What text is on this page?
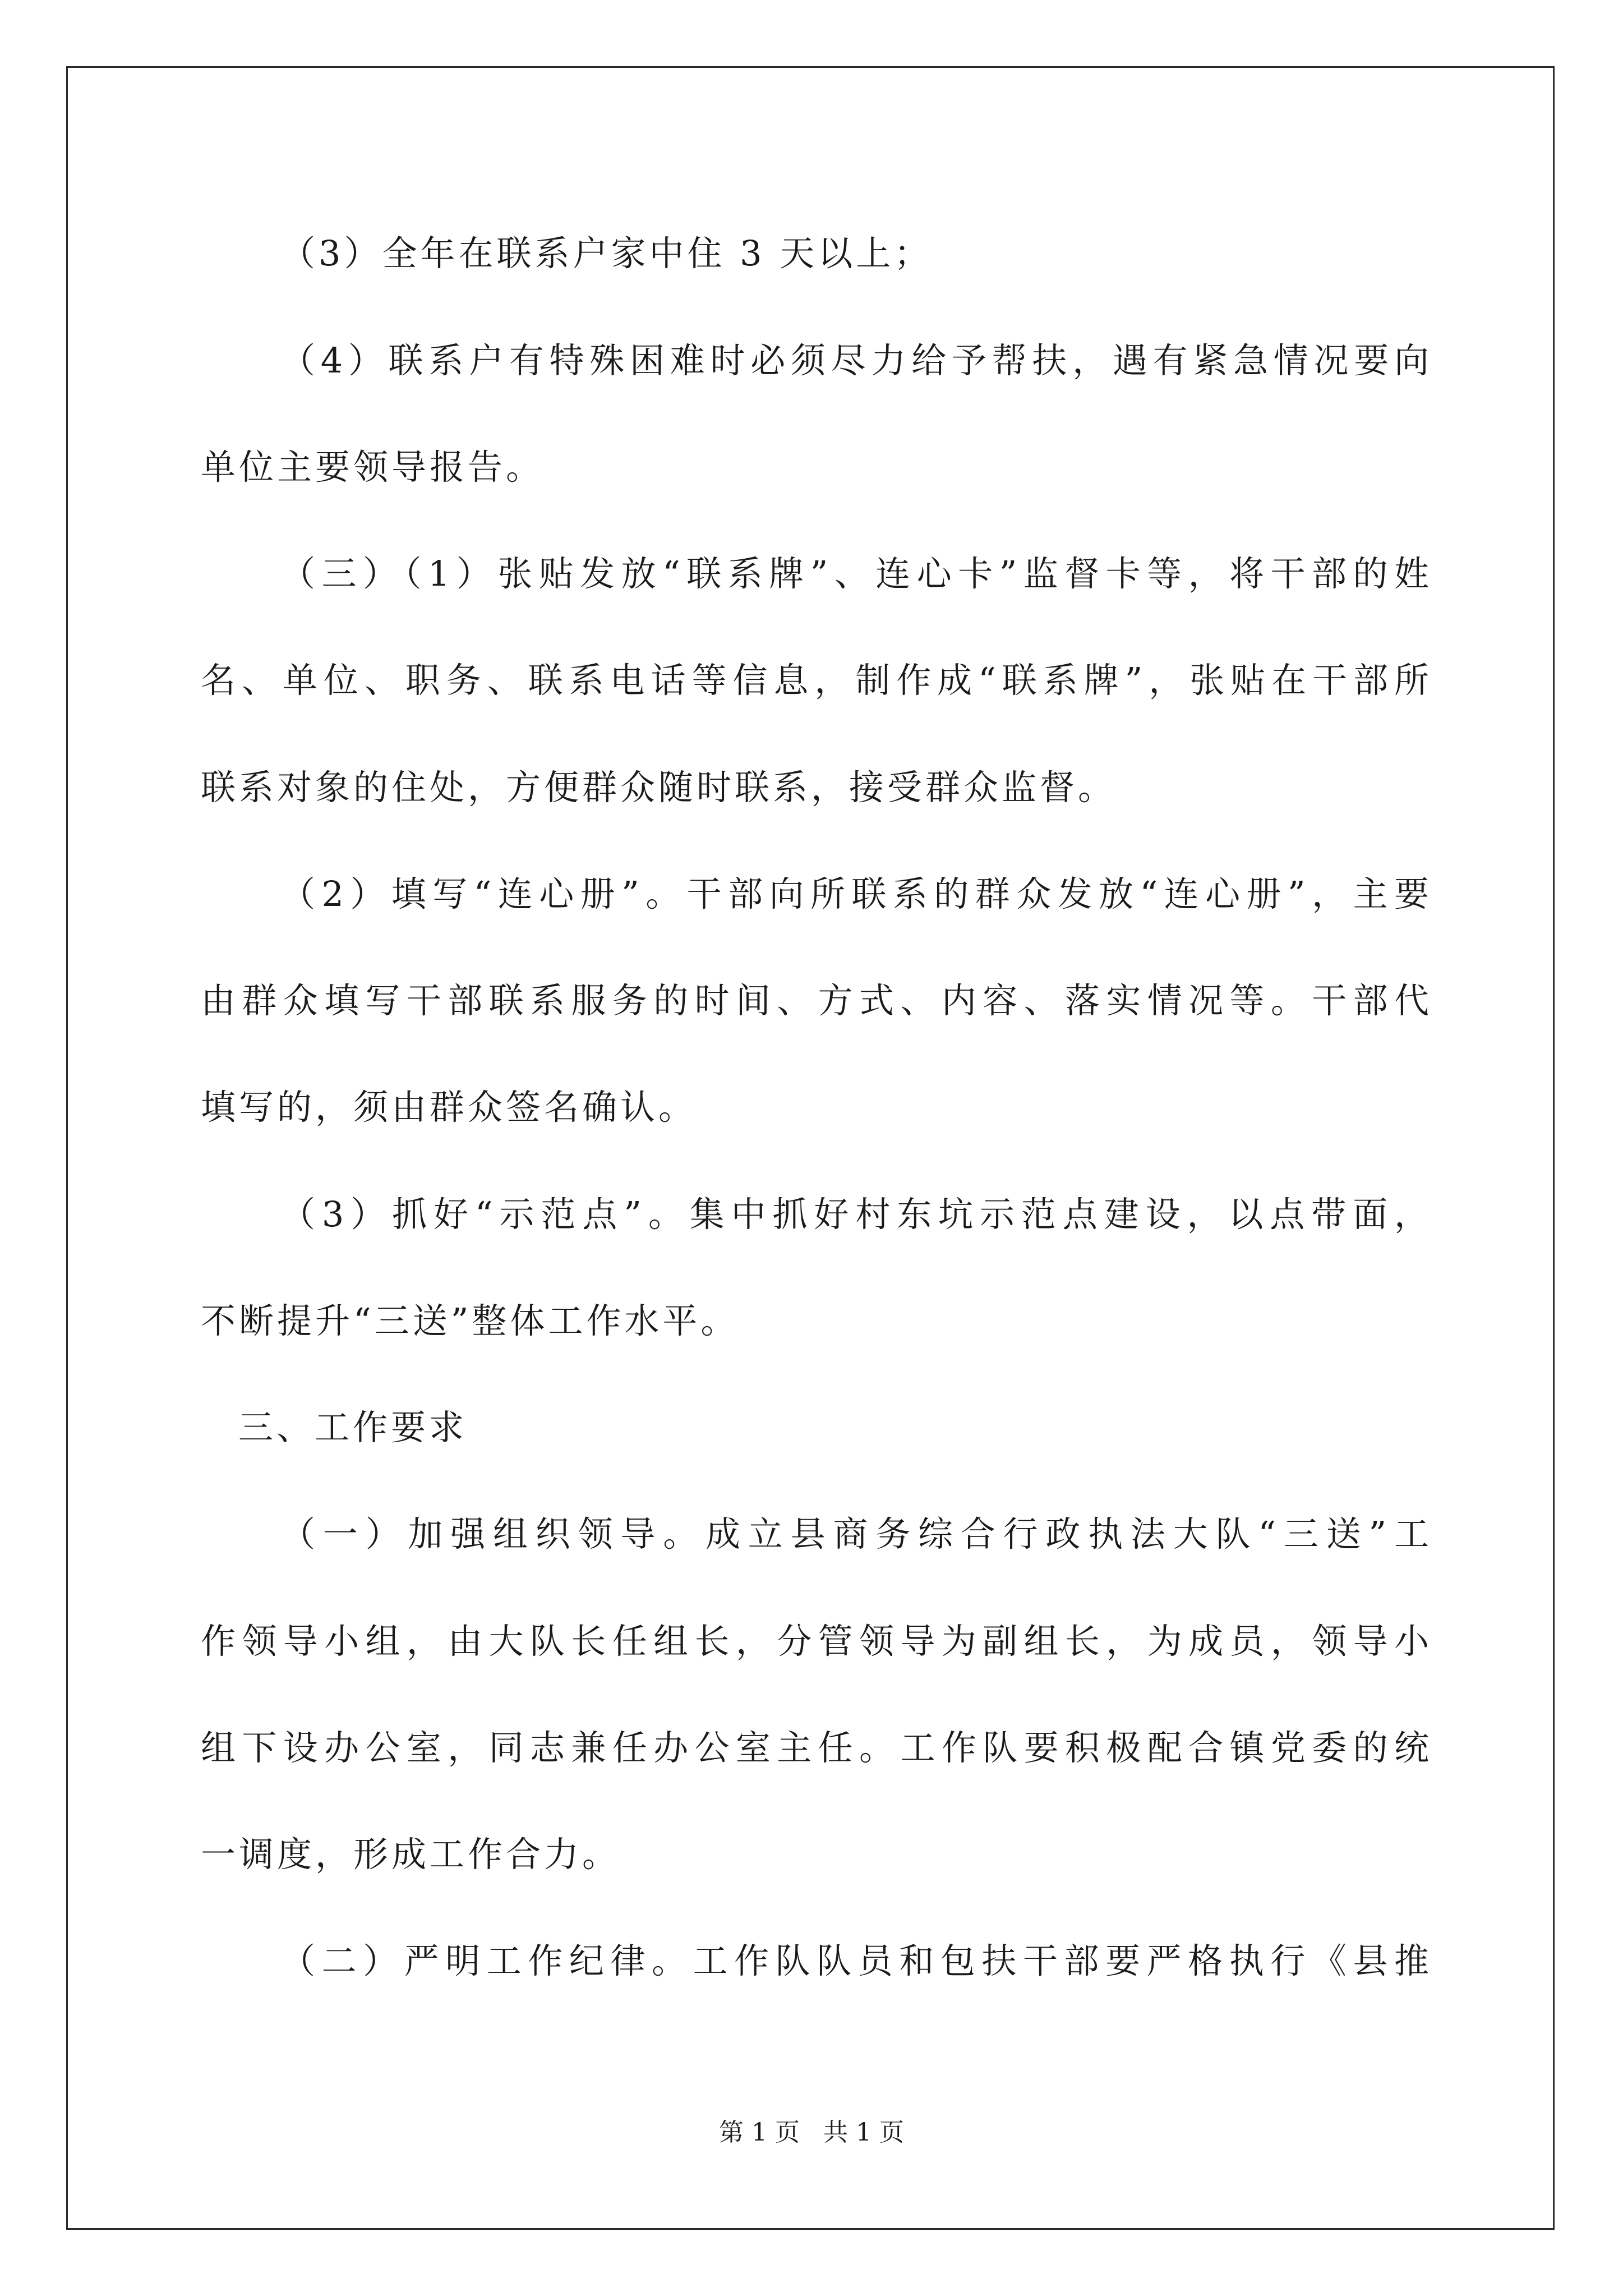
（3）全年在联系户家中住 3 天以上；
（4）联系户有特殊困难时必须尽力给予帮扶，遇有紧急情况要向
单位主要领导报告。
（三）（1）张贴发放“联系牌”、连心卡”监督卡等，将干部的姓
名、单位、职务、联系电话等信息，制作成“联系牌”，张贴在干部所
联系对象的住处，方便群众随时联系，接受群众监督。
（2）填写“连心册”。干部向所联系的群众发放“连心册”，主要
由群众填写干部联系服务的时间、方式、内容、落实情况等。干部代
填写的，须由群众签名确认。
（3）抓好“示范点”。集中抓好村东坑示范点建设，以点带面，
不断提升“三送”整体工作水平。
三、工作要求
（一）加强组织领导。成立县商务综合行政执法大队“三送”工
作领导小组，由大队长任组长，分管领导为副组长，为成员，领导小
组下设办公室，同志兼任办公室主任。工作队要积极配合镇党委的统
一调度，形成工作合力。
（二）严明工作纪律。工作队队员和包扶干部要严格执行《县推
第 1 页 共 1 页
